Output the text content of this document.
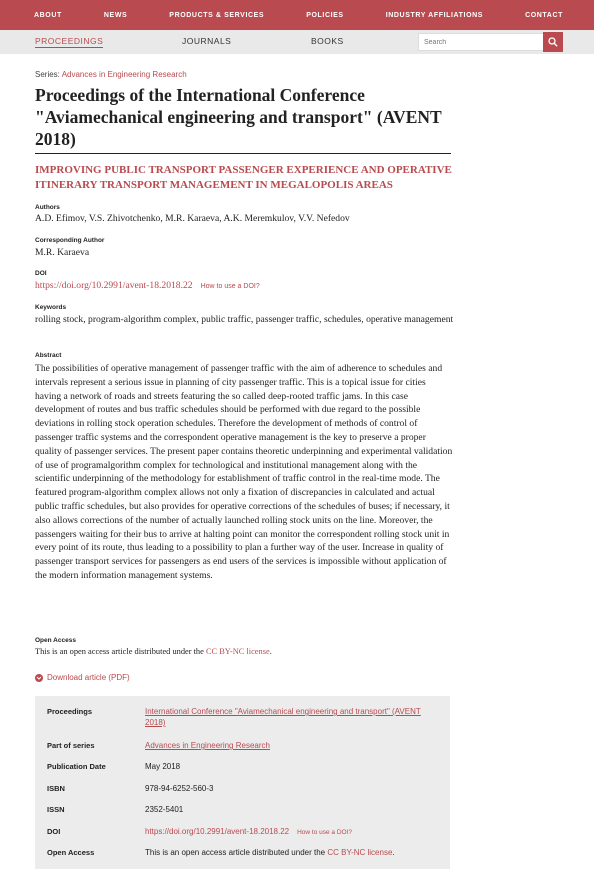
ABOUT	NEWS	PRODUCTS & SERVICES	POLICIES	INDUSTRY AFFILIATIONS	CONTACT
PROCEEDINGS	JOURNALS	BOOKS
Search
Series: Advances in Engineering Research
Proceedings of the International Conference "Aviamechanical engineering and transport" (AVENT 2018)
IMPROVING PUBLIC TRANSPORT PASSENGER EXPERIENCE AND OPERATIVE ITINERARY TRANSPORT MANAGEMENT IN MEGALOPOLIS AREAS
Authors
A.D. Efimov, V.S. Zhivotchenko, M.R. Karaeva, A.K. Meremkulov, V.V. Nefedov
Corresponding Author
M.R. Karaeva
DOI
https://doi.org/10.2991/avent-18.2018.22 How to use a DOI?
Keywords
rolling stock, program-algorithm complex, public traffic, passenger traffic, schedules, operative management
Abstract

The possibilities of operative management of passenger traffic with the aim of adherence to schedules and intervals represent a serious issue in planning of city passenger traffic. This is a topical issue for cities having a network of roads and streets featuring the so called deep-rooted traffic jams. In this case development of routes and bus traffic schedules should be performed with due regard to the possible deviations in rolling stock operation schedules. Therefore the development of methods of control of passenger traffic systems and the correspondent operative management is the key to preserve a proper quality of passenger services. The present paper contains theoretic underpinning and experimental validation of use of programalgorithm complex for technological and institutional management along with the scientific underpinning of the methodology for establishment of traffic control in the real-time mode. The featured program-algorithm complex allows not only a fixation of discrepancies in calculated and actual public traffic schedules, but also provides for operative corrections of the schedules of buses; if necessary, it also allows corrections of the number of actually launched rolling stock units on the line. Moreover, the passengers waiting for their bus to arrive at halting point can monitor the correspondent rolling stock unit in every point of its route, thus leading to a possibility to plan a further way of the user. Increase in quality of passenger transport services for passengers as end users of the services is impossible without application of the modern information management systems.

Open Access
This is an open access article distributed under the CC BY-NC license.
Download article (PDF)
Proceedings	International Conference "Aviamechanical engineering and transport" (AVENT 2018)
Part of series	Advances in Engineering Research
Publication Date	May 2018
ISBN	978-94-6252-560-3
ISSN	2352-5401
DOI	https://doi.org/10.2991/avent-18.2018.22 How to use a DOI?
Open Access	This is an open access article distributed under the CC BY-NC license.
